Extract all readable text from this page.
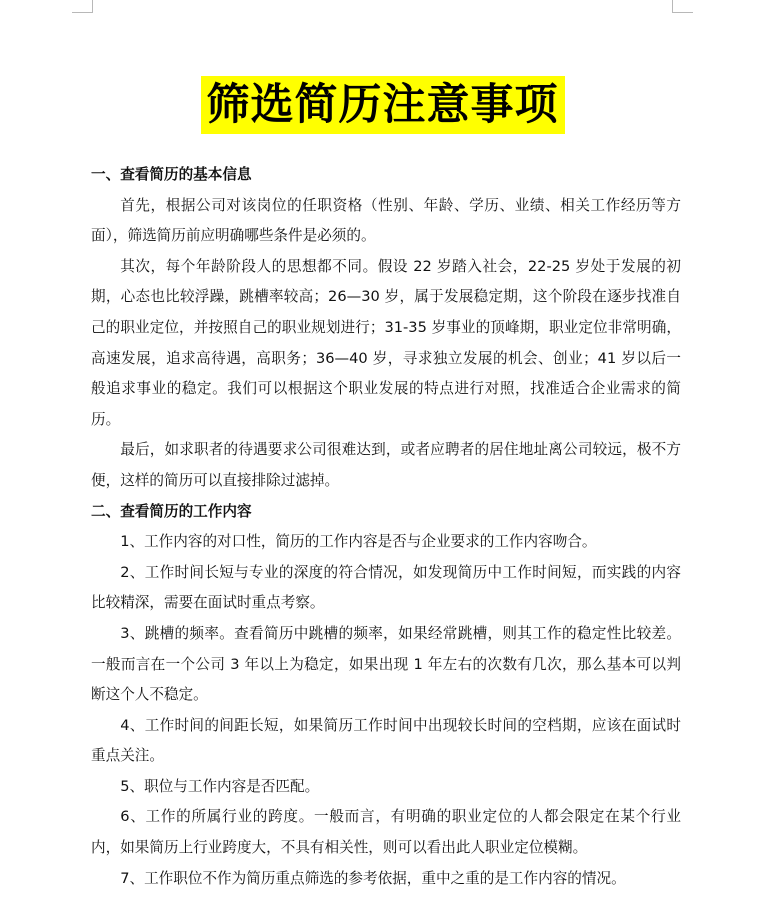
筛选简历注意事项

一、查看简历的基本信息

首先，根据公司对该岗位的任职资格（性别、年龄、学历、业绩、相关工作经历等方面），筛选简历前应明确哪些条件是必须的。

其次，每个年龄阶段人的思想都不同。假设 22 岁踏入社会，22-25 岁处于发展的初期，心态也比较浮躁，跳槽率较高；26—30 岁，属于发展稳定期，这个阶段在逐步找准自己的职业定位，并按照自己的职业规划进行；31-35 岁事业的顶峰期，职业定位非常明确，高速发展，追求高待遇，高职务；36—40 岁，寻求独立发展的机会、创业；41 岁以后一般追求事业的稳定。我们可以根据这个职业发展的特点进行对照，找准适合企业需求的简历。

最后，如求职者的待遇要求公司很难达到，或者应聘者的居住地址离公司较远，极不方便，这样的简历可以直接排除过滤掉。

二、查看简历的工作内容

1、工作内容的对口性，简历的工作内容是否与企业要求的工作内容吻合。

2、工作时间长短与专业的深度的符合情况，如发现简历中工作时间短，而实践的内容比较精深，需要在面试时重点考察。

3、跳槽的频率。查看简历中跳槽的频率，如果经常跳槽，则其工作的稳定性比较差。一般而言在一个公司 3 年以上为稳定，如果出现 1 年左右的次数有几次，那么基本可以判断这个人不稳定。

4、工作时间的间距长短，如果简历工作时间中出现较长时间的空档期，应该在面试时重点关注。

5、职位与工作内容是否匹配。

6、工作的所属行业的跨度。一般而言，有明确的职业定位的人都会限定在某个行业内，如果简历上行业跨度大，不具有相关性，则可以看出此人职业定位模糊。

7、工作职位不作为简历重点筛选的参考依据，重中之重的是工作内容的情况。
